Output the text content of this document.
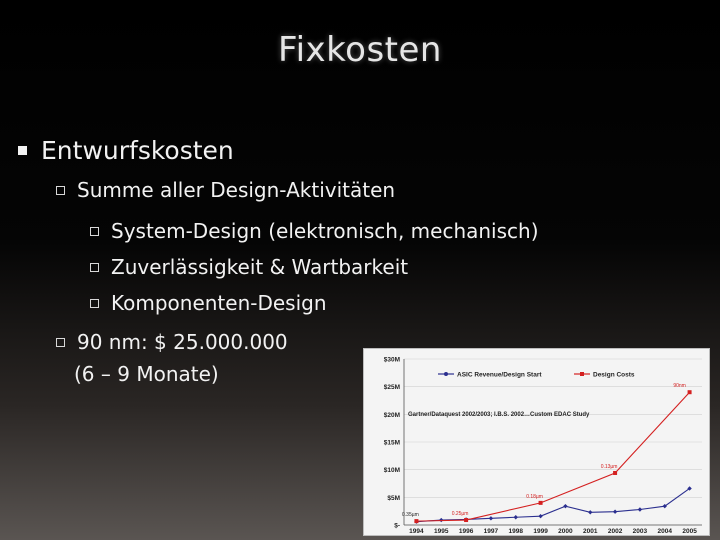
Fixkosten
Entwurfskosten
Summe aller Design-Aktivitäten
System-Design (elektronisch, mechanisch)
Zuverlässigkeit & Wartbarkeit
Komponenten-Design
90 nm: $ 25.000.000
(6 – 9 Monate)
$-
$5M
$10M
$15M
$20M
$25M
$30M
1994 1995 1996 1997 1998 1999 2000 2001 2002 2003 2004 2005
ASIC Revenue/Design Start	Design Costs
Gartner/Dataquest 2002/2003; I.B.S. 2002…Custom EDAC Study
0.35µm	0.25µm
0.18µm
0.13µm
90nm
